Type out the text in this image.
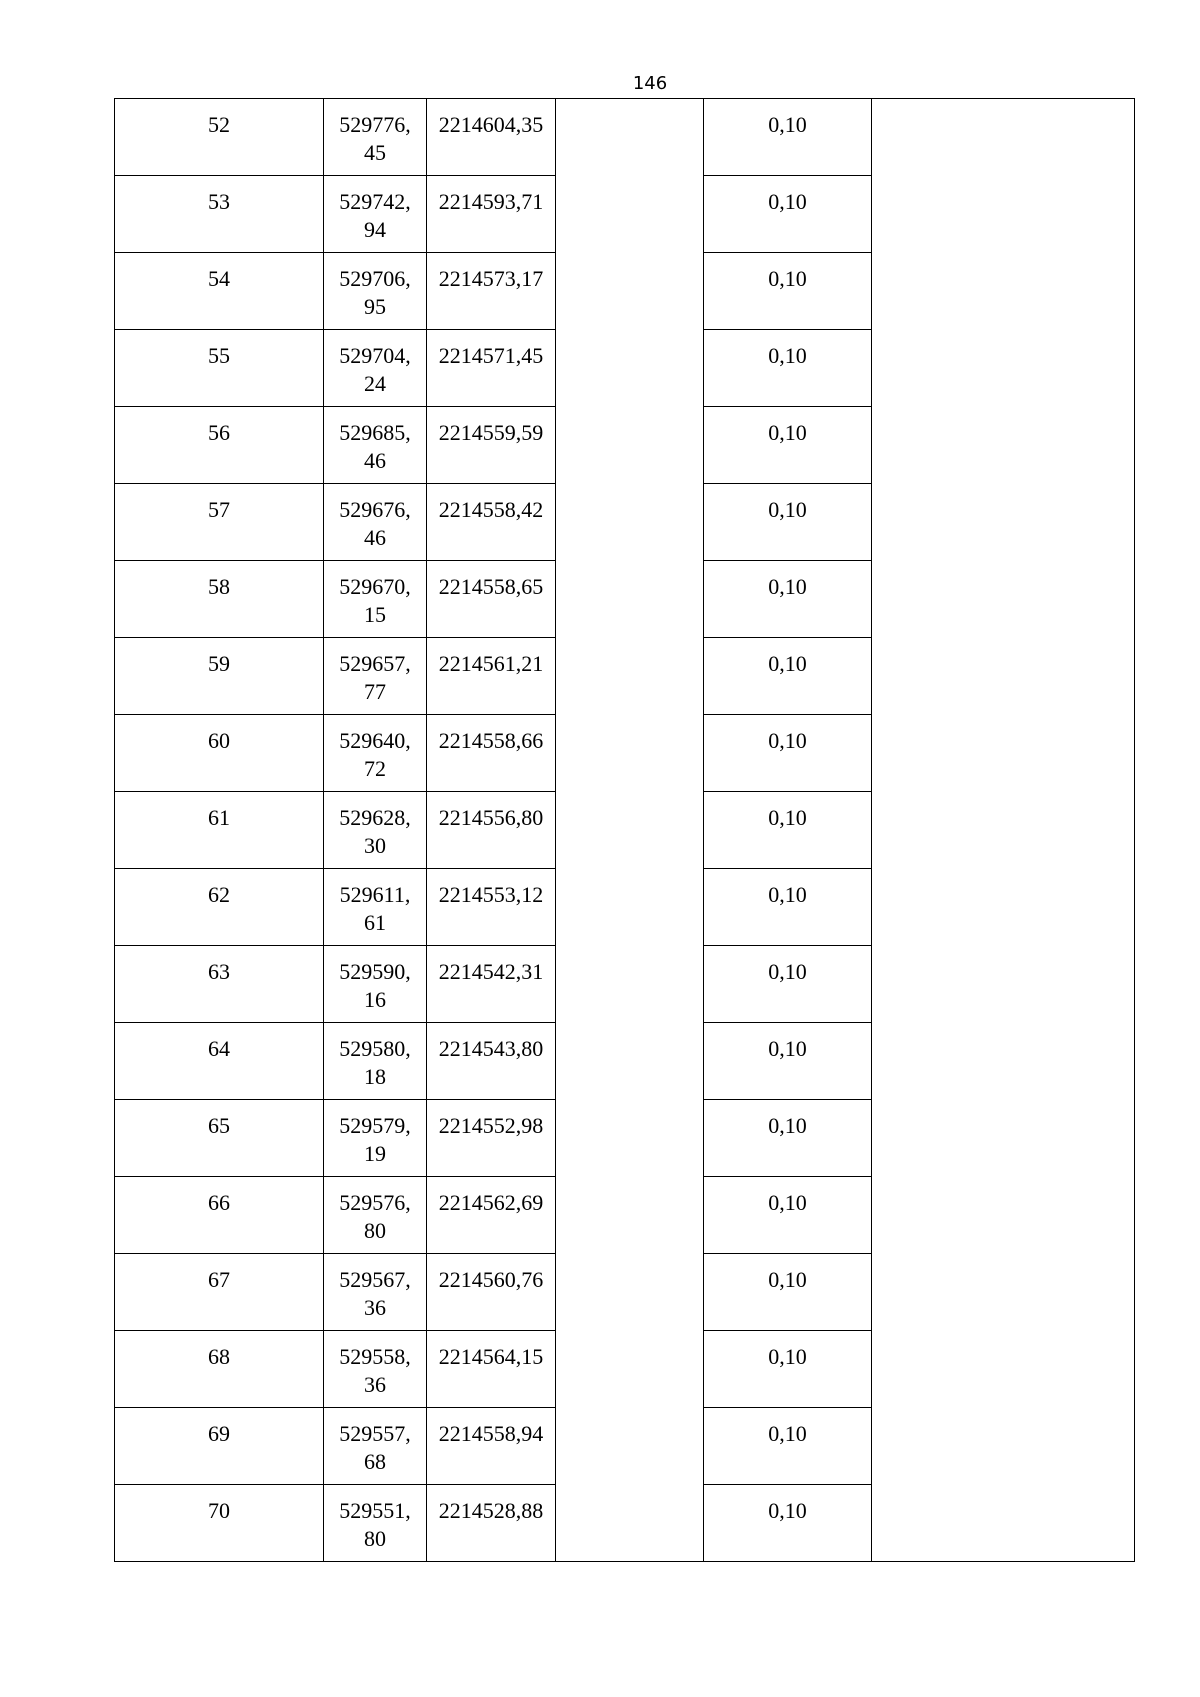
146
52	529776,
45	2214604,35		0,10	

53	529742,
94	2214593,71		0,10	

54	529706,
95	2214573,17		0,10	

55	529704,
24	2214571,45		0,10	

56	529685,
46	2214559,59		0,10	

57	529676,
46	2214558,42		0,10	

58	529670,
15	2214558,65		0,10	

59	529657,
77	2214561,21		0,10	

60	529640,
72	2214558,66		0,10	

61	529628,
30	2214556,80		0,10	

62	529611,
61	2214553,12		0,10	

63	529590,
16	2214542,31		0,10	

64	529580,
18	2214543,80		0,10	

65	529579,
19	2214552,98		0,10	

66	529576,
80	2214562,69		0,10	

67	529567,
36	2214560,76		0,10	

68	529558,
36	2214564,15		0,10	

69	529557,
68	2214558,94		0,10	

70	529551,
80	2214528,88		0,10	
